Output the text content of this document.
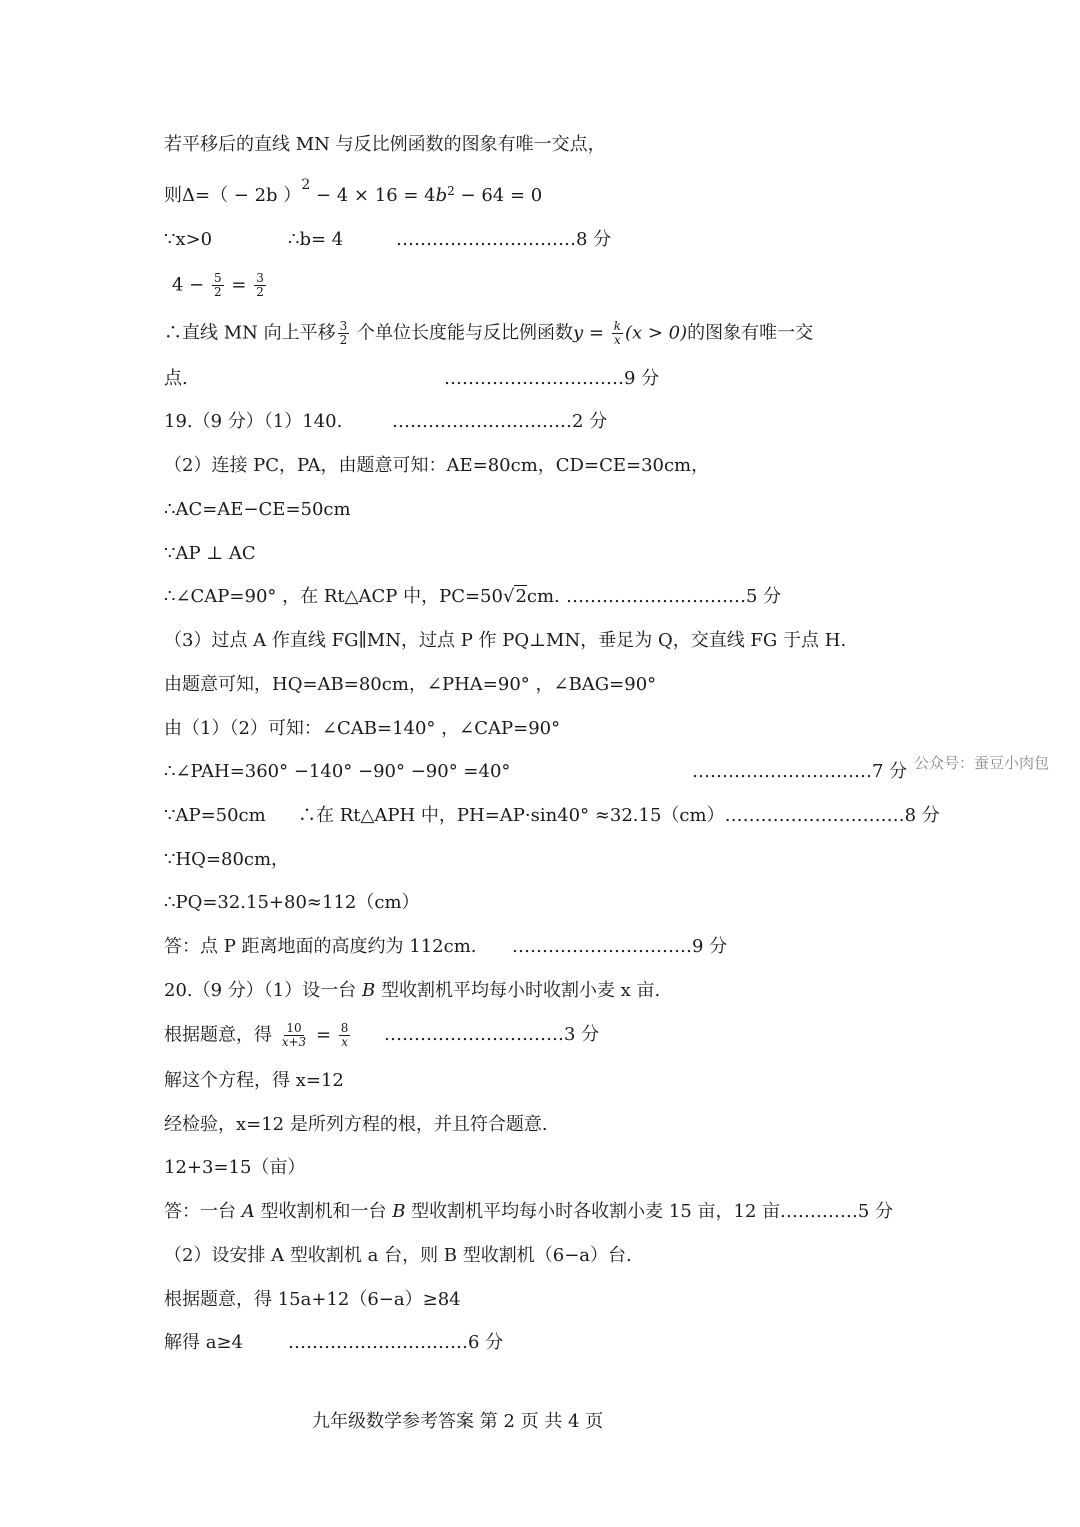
若平移后的直线 MN 与反比例函数的图象有唯一交点，
则Δ=（ − 2b ）$^2 - 4 \times 16 = 4b^2 - 64 = 0$
∵x>0	∴b= 4	…………………………8 分
$4 - \frac{5}{2} = \frac{3}{2}$
∴直线 MN 向上平移 $\frac{3}{2}$ 个单位长度能与反比例函数$y = \frac{k}{x} (x > 0)$的图象有唯一交
点.	…………………………9 分
19.（9 分）（1）140.	…………………………2 分
（2）连接 PC，PA，由题意可知：AE=80cm，CD=CE=30cm，
∴AC=AE−CE=50cm
∵AP ⊥ AC
∴∠CAP=90° ，在 Rt△ACP 中，PC=50√2cm. …………………………5 分
（3）过点 A 作直线 FG∥MN，过点 P 作 PQ⊥MN，垂足为 Q，交直线 FG 于点 H.
由题意可知，HQ=AB=80cm，∠PHA=90° ，∠BAG=90°
由（1）（2）可知：∠CAB=140° ，∠CAP=90°
∴∠PAH=360° −140° −90° −90° =40°	…………………………7 分 公众号：蚕豆小肉包
∵AP=50cm ∴在 Rt△APH 中，PH=AP·sin40° ≈32.15（cm）…………………………8 分
∵HQ=80cm，
∴PQ=32.15+80≈112（cm）
答：点 P 距离地面的高度约为 112cm. …………………………9 分
20.（9 分）（1）设一台 B 型收割机平均每小时收割小麦 x 亩.
根据题意，得 $\frac{10}{x+3} = \frac{8}{x}$ …………………………3 分
解这个方程，得 x=12
经检验，x=12 是所列方程的根，并且符合题意.
12+3=15（亩）
答：一台 A 型收割机和一台 B 型收割机平均每小时各收割小麦 15 亩，12 亩.…………5 分
（2）设安排 A 型收割机 a 台，则 B 型收割机（6−a）台.
根据题意，得 15a+12（6−a）≥84
解得 a≥4	…………………………6 分
九年级数学参考答案 第 2 页 共 4 页
